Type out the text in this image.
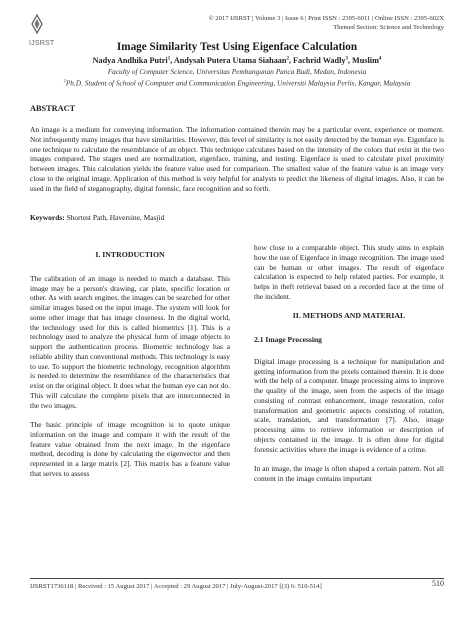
IJSRST
© 2017 IJSRST | Volume 3 | Issue 6 | Print ISSN : 2395-6011 | Online ISSN : 2395-602X
Themed Section: Science and Technology
Image Similarity Test Using Eigenface Calculation
Nadya Andhika Putri$^1$, Andysah Putera Utama Siahaan$^2$, Fachrid Wadly$^3$, Muslim$^4$
Faculty of Computer Science, Universitas Pembangunan Panca Budi, Medan, Indonesia
$^2$Ph.D. Student of School of Computer and Communication Engineering, Universiti Malaysia Perlis, Kangar, Malaysia
ABSTRACT
An image is a medium for conveying information. The information contained therein may be a particular event, experience or moment. Not infrequently many images that have similarities. However, this level of similarity is not easily detected by the human eye. Eigenface is one technique to calculate the resemblance of an object. This technique calculates based on the intensity of the colors that exist in the two images compared. The stages used are normalization, eigenface, training, and testing. Eigenface is used to calculate pixel proximity between images. This calculation yields the feature value used for comparison. The smallest value of the feature value is an image very close to the original image. Application of this method is very helpful for analysts to predict the likeness of digital images. Also, it can be used in the field of steganography, digital forensic, face recognition and so forth.
Keywords: Shortest Path, Haversine, Masjid
I. INTRODUCTION

The calibration of an image is needed to match a database. This image may be a person's drawing, car plate, specific location or other. As with search engines, the images can be searched for other similar images based on the input image. The system will look for some other image that has image closeness. In the digital world, the technology used for this is called biometrics [1]. This is a technology used to analyze the physical form of image objects to support the authentication process. Biometric technology has a reliable ability than conventional methods. This technology is easy to use. To support the biometric technology, recognition algorithm is needed to determine the resemblance of the characteristics that exist on the original object. It does what the human eye can not do. This will calculate the complete pixels that are interconnected in the two images.

The basic principle of image recognition is to quote unique information on the image and compare it with the result of the feature value obtained from the next image. In the eigenface method, decoding is done by calculating the eigenvector and then represented in a large matrix [2]. This matrix has a feature value that serves to assess

how close to a comparable object. This study aims to explain how the use of Eigenface in image recognition. The image used can be human or other images. The result of eigenface calculation is expected to help related parties. For example, it helps in theft retrieval based on a recorded face at the time of the incident.

II. METHODS AND MATERIAL
2.1 Image Processing

Digital image processing is a technique for manipulation and getting information from the pixels contained therein. It is done with the help of a computer. Image processing aims to improve the quality of the image, seen from the aspects of the image consisting of contrast enhancement, image restoration, color transformation and geometric aspects consisting of rotation, scale, translation, and transformation [7]. Also, image processing aims to retrieve information or description of objects contained in the image. It is often done for digital forensic activities where the image is evidence of a crime.

In an image, the image is often shaped a certain pattern. Not all content in the image contains important

IJSRST1736118 | Received : 15 August 2017 | Accepted : 29 August 2017 | July-August-2017 [(3) 6: 510-514]	510
